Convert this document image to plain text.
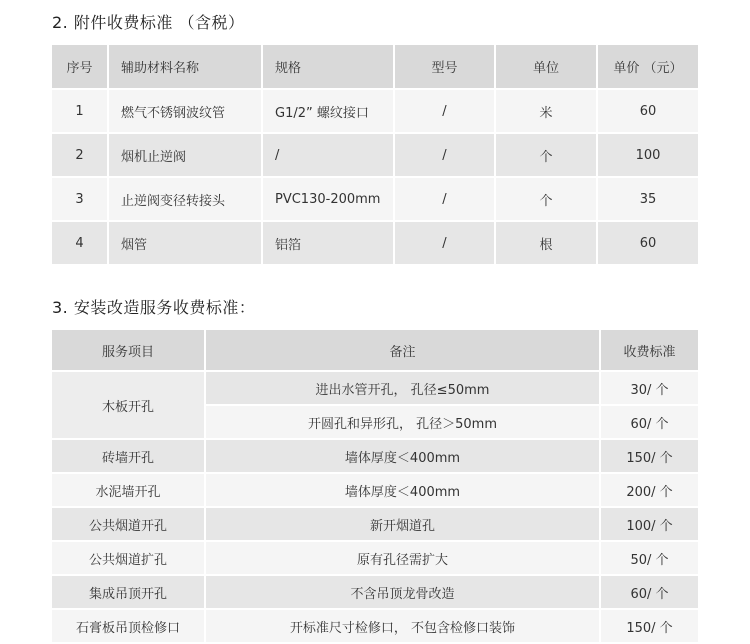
2. 附件收费标准 （含税）
序号	辅助材料名称	规格	型号	单位	单价 （元）
1	燃气不锈钢波纹管	G1/2” 螺纹接口	/	米	60
2	烟机止逆阀	/	/	个	100
3	止逆阀变径转接头	PVC130-200mm	/	个	35
4	烟管	铝箔	/	根	60
3. 安装改造服务收费标准：
服务项目	备注	收费标准
木板开孔	进出水管开孔， 孔径≤50mm	30/ 个
	开圆孔和异形孔， 孔径＞50mm	60/ 个
砖墙开孔	墙体厚度＜400mm	150/ 个
水泥墙开孔	墙体厚度＜400mm	200/ 个
公共烟道开孔	新开烟道孔	100/ 个
公共烟道扩孔	原有孔径需扩大	50/ 个
集成吊顶开孔	不含吊顶龙骨改造	60/ 个
石膏板吊顶检修口	开标准尺寸检修口， 不包含检修口装饰	150/ 个
